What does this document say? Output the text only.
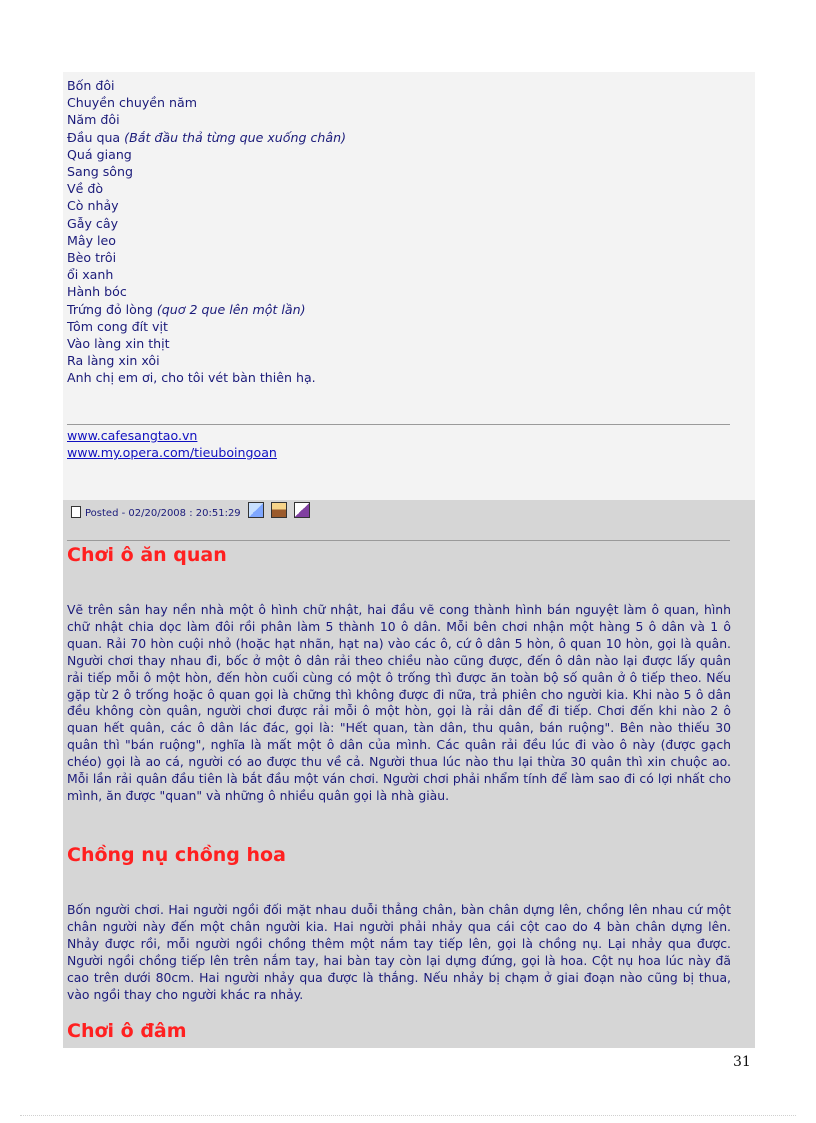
Bốn đôi
Chuyền chuyền năm
Năm đôi
Đầu qua (Bắt đầu thả từng que xuống chân)
Quá giang
Sang sông
Về đò
Cò nhảy
Gẫy cây
Mây leo
Bèo trôi
ổi xanh
Hành bóc
Trứng đỏ lòng (quơ 2 que lên một lần)
Tôm cong đít vịt
Vào làng xin thịt
Ra làng xin xôi
Anh chị em ơi, cho tôi vét bàn thiên hạ.
www.cafesangtao.vn
www.my.opera.com/tieuboingoan
Posted - 02/20/2008 : 20:51:29
Chơi ô ăn quan
Vẽ trên sân hay nền nhà một ô hình chữ nhật, hai đầu vẽ cong thành hình bán nguyệt làm ô quan, hình chữ nhật chia dọc làm đôi rồi phân làm 5 thành 10 ô dân. Mỗi bên chơi nhận một hàng 5 ô dân và 1 ô quan. Rải 70 hòn cuội nhỏ (hoặc hạt nhãn, hạt na) vào các ô, cứ ô dân 5 hòn, ô quan 10 hòn, gọi là quân. Người chơi thay nhau đi, bốc ở một ô dân rải theo chiều nào cũng được, đến ô dân nào lại được lấy quân rải tiếp mỗi ô một hòn, đến hòn cuối cùng có một ô trống thì được ăn toàn bộ số quân ở ô tiếp theo. Nếu gặp từ 2 ô trống hoặc ô quan gọi là chững thì không được đi nữa, trả phiên cho người kia. Khi nào 5 ô dân đều không còn quân, người chơi được rải mỗi ô một hòn, gọi là rải dân để đi tiếp. Chơi đến khi nào 2 ô quan hết quân, các ô dân lác đác, gọi là: "Hết quan, tàn dân, thu quân, bán ruộng". Bên nào thiếu 30 quân thì "bán ruộng", nghĩa là mất một ô dân của mình. Các quân rải đều lúc đi vào ô này (được gạch chéo) gọi là ao cá, người có ao được thu về cả. Người thua lúc nào thu lại thừa 30 quân thì xin chuộc ao. Mỗi lần rải quân đầu tiên là bắt đầu một ván chơi. Người chơi phải nhẩm tính để làm sao đi có lợi nhất cho mình, ăn được "quan" và những ô nhiều quân gọi là nhà giàu.
Chồng nụ chồng hoa
Bốn người chơi. Hai người ngồi đối mặt nhau duỗi thẳng chân, bàn chân dựng lên, chồng lên nhau cứ một chân người này đến một chân người kia. Hai người phải nhảy qua cái cột cao do 4 bàn chân dựng lên. Nhảy được rồi, mỗi người ngồi chồng thêm một nắm tay tiếp lên, gọi là chồng nụ. Lại nhảy qua được. Người ngồi chồng tiếp lên trên nắm tay, hai bàn tay còn lại dựng đứng, gọi là hoa. Cột nụ hoa lúc này đã cao trên dưới 80cm. Hai người nhảy qua được là thắng. Nếu nhảy bị chạm ở giai đoạn nào cũng bị thua, vào ngồi thay cho người khác ra nhảy.
Chơi ô đâm
31
